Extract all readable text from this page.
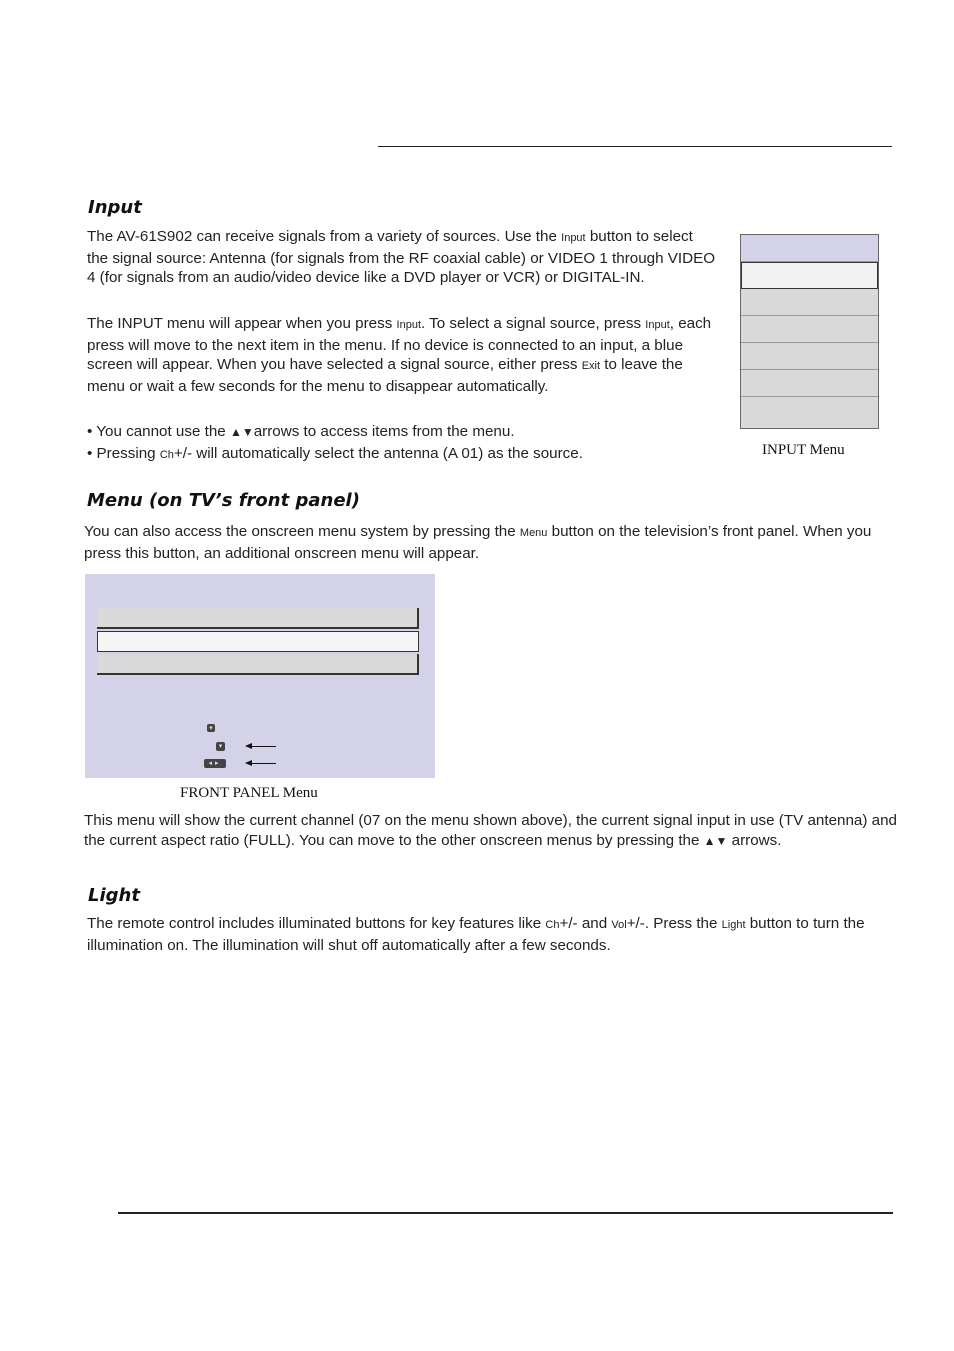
Input

The AV-61S902 can receive signals from a variety of sources. Use the Input button to select the signal source: Antenna (for signals from the RF coaxial cable) or VIDEO 1 through VIDEO 4 (for signals from an audio/video device like a DVD player or VCR) or DIGITAL-IN.

The INPUT menu will appear when you press Input. To select a signal source, press Input, each press will move to the next item in the menu. If no device is connected to an input, a blue screen will appear. When you have selected a signal source, either press Exit to leave the menu or wait a few seconds for the menu to disappear automatically.

• You cannot use the ▲▼arrows to access items from the menu.
• Pressing Ch+/- will automatically select the antenna (A 01) as the source.	INPUT Menu
Menu (on TV’s front panel)

You can also access the onscreen menu system by pressing the Menu button on the television’s front panel. When you press this button, an additional onscreen menu will appear.

▾
▾
◂▸
FRONT PANEL Menu

This menu will show the current channel (07 on the menu shown above), the current signal input in use (TV antenna) and the current aspect ratio (FULL). You can move to the other onscreen menus by pressing the ▲▼ arrows.

Light

The remote control includes illuminated buttons for key features like Ch+/- and Vol+/-. Press the Light button to turn the illumination on. The illumination will shut off automatically after a few seconds.
